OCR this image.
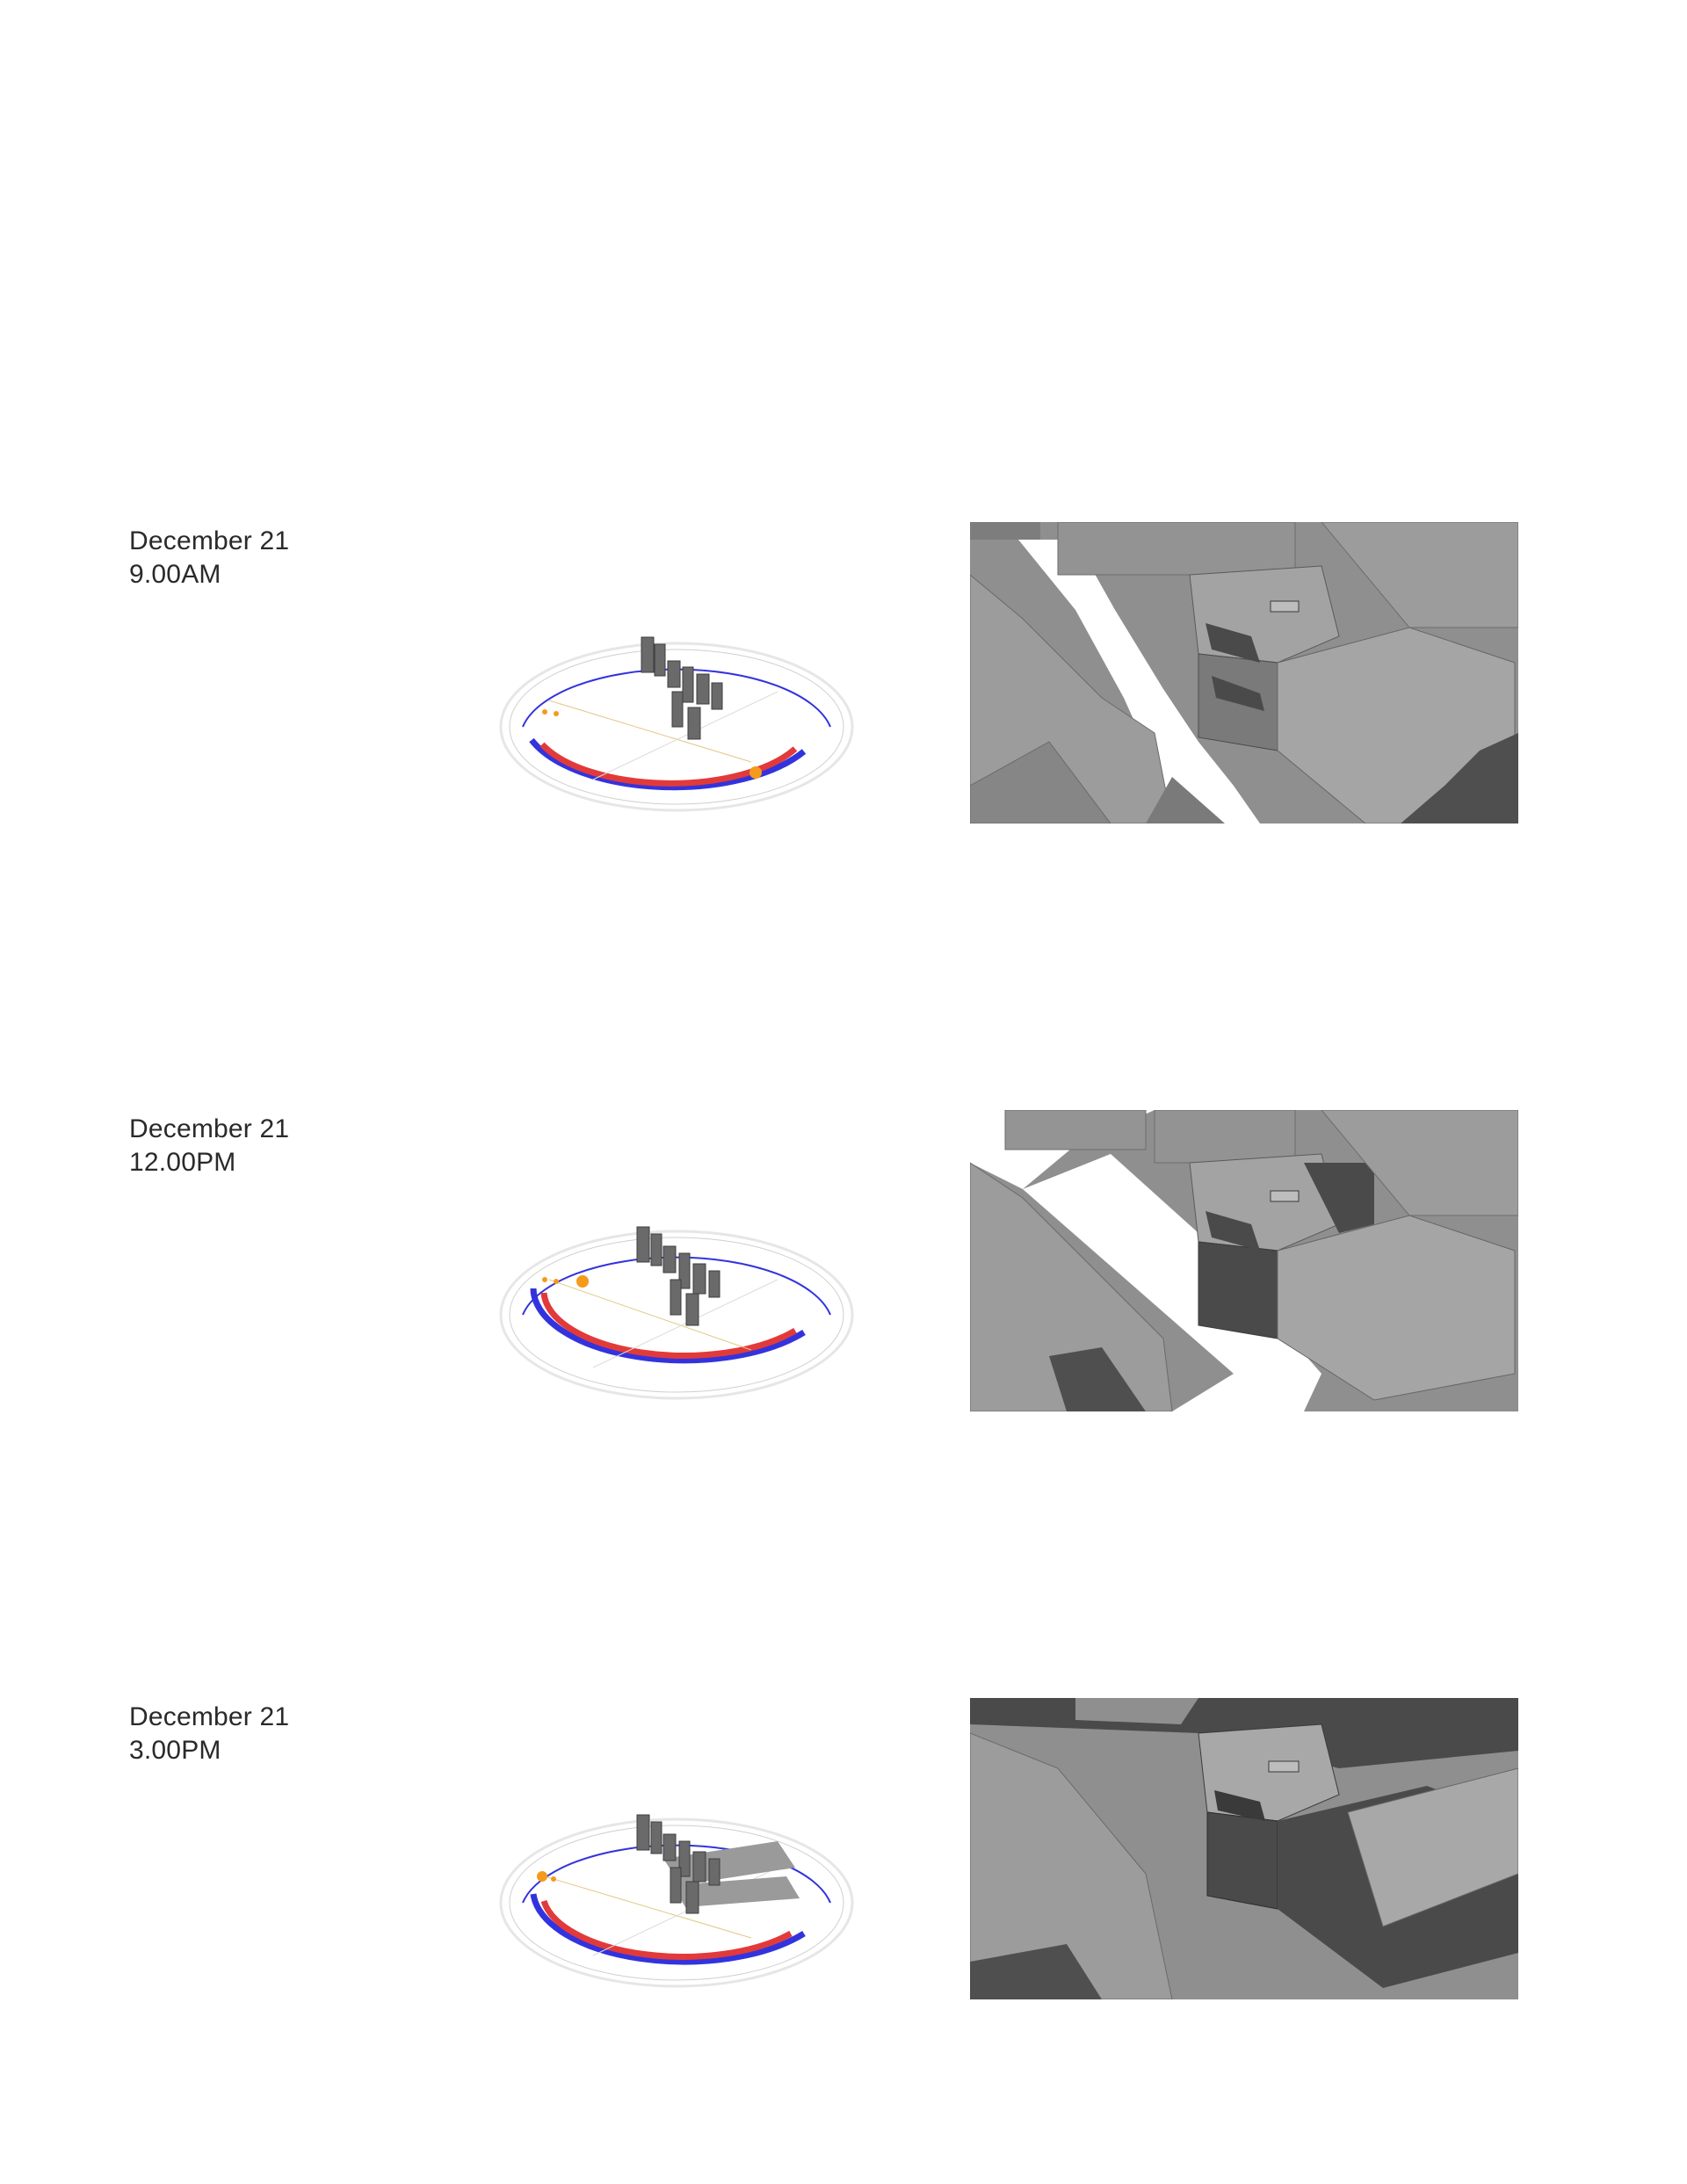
December 21
9.00AM
December 21
12.00PM
December 21
3.00PM
